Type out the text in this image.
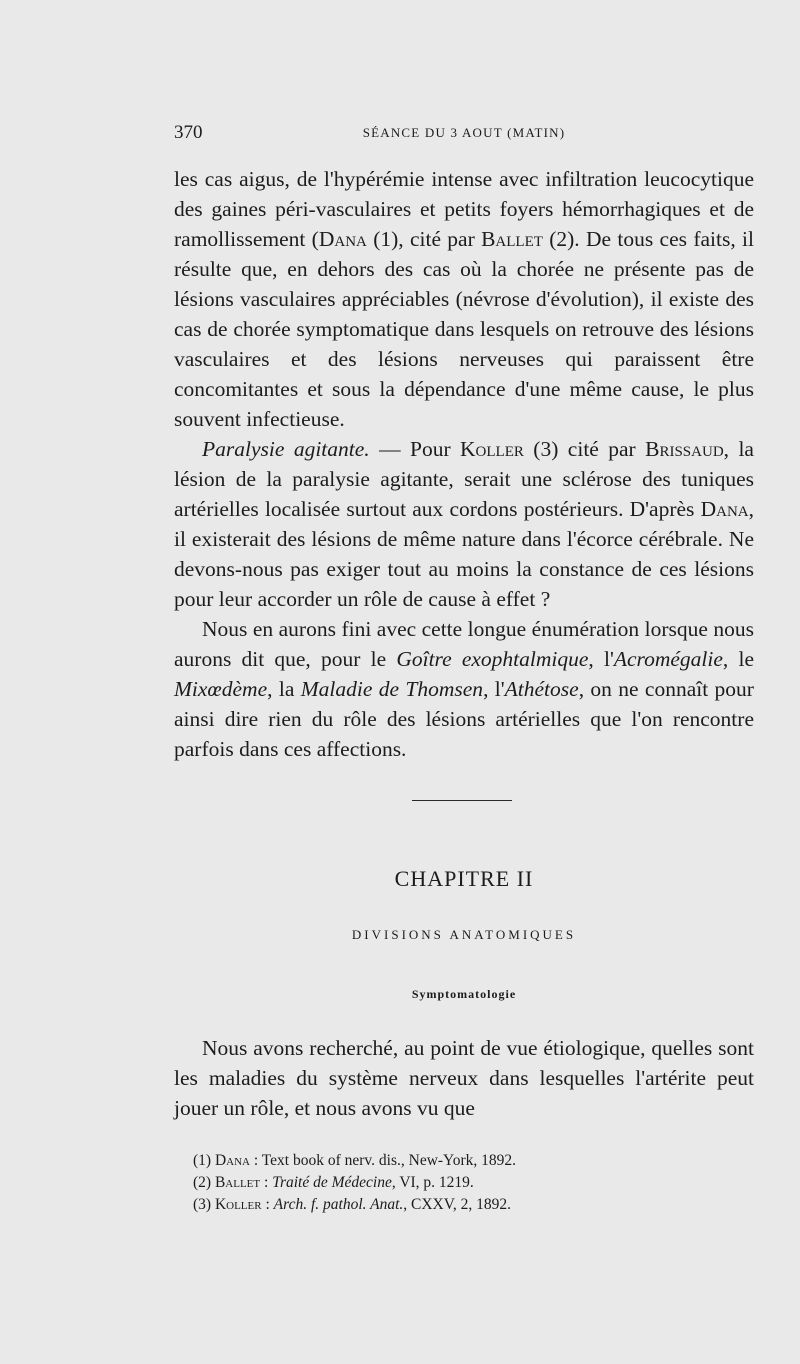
370	SÉANCE DU 3 AOUT (MATIN)

les cas aigus, de l'hypérémie intense avec infiltration leucocytique des gaines péri-vasculaires et petits foyers hémorrhagiques et de ramollissement (Dana (1), cité par Ballet (2). De tous ces faits, il résulte que, en dehors des cas où la chorée ne présente pas de lésions vasculaires appréciables (névrose d'évolution), il existe des cas de chorée symptomatique dans lesquels on retrouve des lésions vasculaires et des lésions nerveuses qui paraissent être concomitantes et sous la dépendance d'une même cause, le plus souvent infectieuse.

Paralysie agitante. — Pour Koller (3) cité par Brissaud, la lésion de la paralysie agitante, serait une sclérose des tuniques artérielles localisée surtout aux cordons postérieurs. D'après Dana, il existerait des lésions de même nature dans l'écorce cérébrale. Ne devons-nous pas exiger tout au moins la constance de ces lésions pour leur accorder un rôle de cause à effet ?

Nous en aurons fini avec cette longue énumération lorsque nous aurons dit que, pour le Goître exophtalmique, l'Acromégalie, le Mixœdème, la Maladie de Thomsen, l'Athétose, on ne connaît pour ainsi dire rien du rôle des lésions artérielles que l'on rencontre parfois dans ces affections.

CHAPITRE II
DIVISIONS ANATOMIQUES
Symptomatologie

Nous avons recherché, au point de vue étiologique, quelles sont les maladies du système nerveux dans lesquelles l'artérite peut jouer un rôle, et nous avons vu que

(1) Dana : Text book of nerv. dis., New-York, 1892.
(2) Ballet : Traité de Médecine, VI, p. 1219.
(3) Koller : Arch. f. pathol. Anat., CXXV, 2, 1892.
